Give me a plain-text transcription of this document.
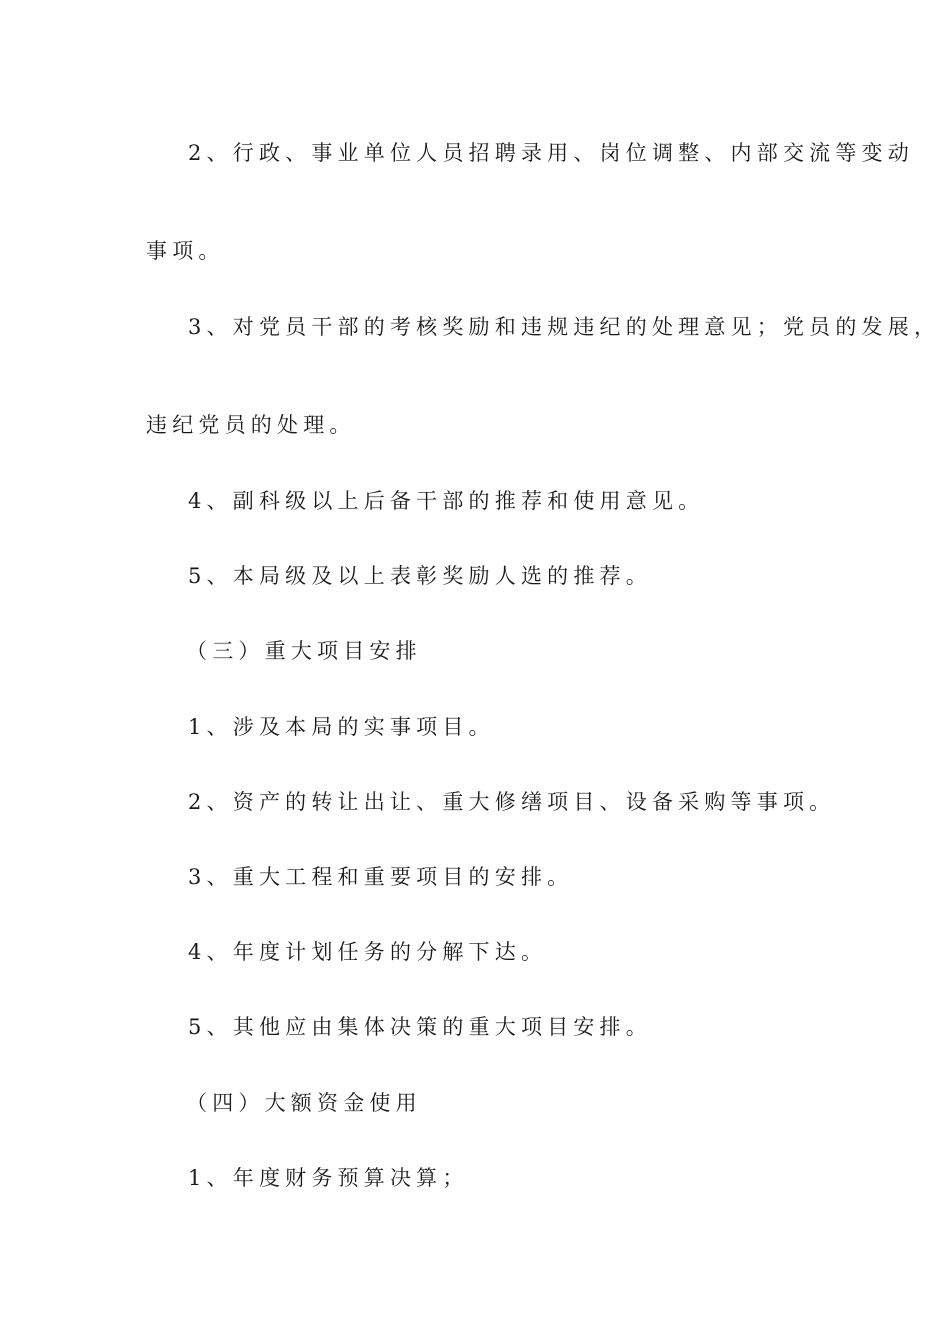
2、行政、事业单位人员招聘录用、岗位调整、内部交流等变动
事项。
3、对党员干部的考核奖励和违规违纪的处理意见；党员的发展，
违纪党员的处理。
4、副科级以上后备干部的推荐和使用意见。
5、本局级及以上表彰奖励人选的推荐。
（三）重大项目安排
1、涉及本局的实事项目。
2、资产的转让出让、重大修缮项目、设备采购等事项。
3、重大工程和重要项目的安排。
4、年度计划任务的分解下达。
5、其他应由集体决策的重大项目安排。
（四）大额资金使用
1、年度财务预算决算；
